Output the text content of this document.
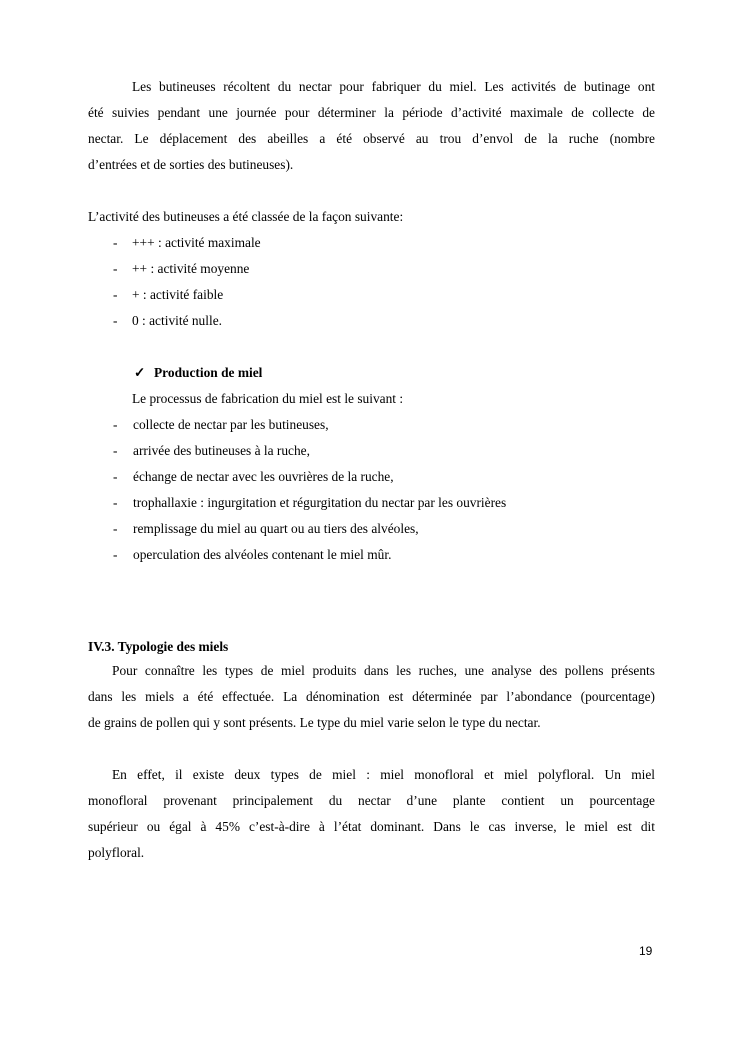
Les butineuses récoltent du nectar pour fabriquer du miel. Les activités de butinage ont
été suivies pendant une journée pour déterminer la période d’activité maximale de collecte de
nectar. Le déplacement des abeilles a été observé au trou d’envol de la ruche (nombre
d’entrées et de sorties des butineuses).
L’activité des butineuses a été classée de la façon suivante:
- +++ : activité maximale
- ++ : activité moyenne
- + : activité faible
- 0 : activité nulle.
✓ Production de miel
Le processus de fabrication du miel est le suivant :
- collecte de nectar par les butineuses,
- arrivée des butineuses à la ruche,
- échange de nectar avec les ouvrières de la ruche,
- trophallaxie : ingurgitation et régurgitation du nectar par les ouvrières
- remplissage du miel au quart ou au tiers des alvéoles,
- operculation des alvéoles contenant le miel mûr.
IV.3. Typologie des miels
Pour connaître les types de miel produits dans les ruches, une analyse des pollens présents
dans les miels a été effectuée. La dénomination est déterminée par l’abondance (pourcentage)
de grains de pollen qui y sont présents. Le type du miel varie selon le type du nectar.
En effet, il existe deux types de miel : miel monofloral et miel polyfloral. Un miel
monofloral provenant principalement du nectar d’une plante contient un pourcentage
supérieur ou égal à 45% c’est-à-dire à l’état dominant. Dans le cas inverse, le miel est dit
polyfloral.
19
